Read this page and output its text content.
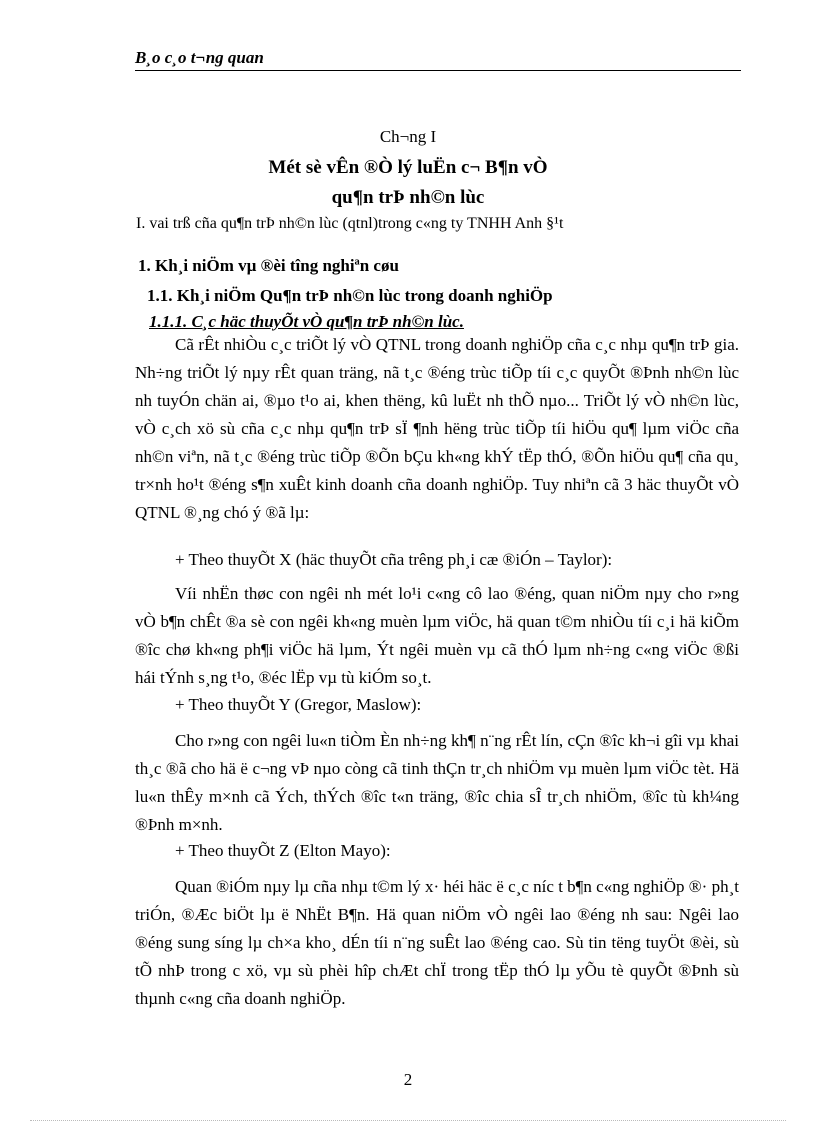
B¸o c¸o t¬ng quan
Ch¬ng I
Mét sè vÊn ®Ò lý luËn c¬ B¶n vÒ
qu¶n trÞ nh©n lùc
I. vai trß cña qu¶n trÞ nh©n lùc (qtnl)trong c«ng ty TNHH Anh §¹t
1. Kh¸i niÖm vµ ®èi tîng nghiªn cøu
1.1. Kh¸i niÖm Qu¶n trÞ nh©n lùc trong doanh nghiÖp
1.1.1. C¸c häc thuyÕt vÒ qu¶n trÞ nh©n lùc.

Cã rÊt nhiÒu c¸c triÕt lý vÒ QTNL trong doanh nghiÖp cña c¸c nhµ qu¶n trÞ gia. Nh÷ng triÕt lý nµy rÊt quan träng, nã t¸c ®éng trùc tiÕp tíi c¸c quyÕt ®Þnh nh©n lùc nh tuyÓn chän ai, ®µo t¹o ai, khen thëng, kû luËt nh thÕ nµo... TriÕt lý vÒ nh©n lùc, vÒ c¸ch xö sù cña c¸c nhµ qu¶n trÞ sÏ ¶nh hëng trùc tiÕp tíi hiÖu qu¶ lµm viÖc cña nh©n viªn, nã t¸c ®éng trùc tiÕp ®Õn bÇu kh«ng khÝ tËp thÓ, ®Õn hiÖu qu¶ cña qu¸ tr×nh ho¹t ®éng s¶n xuÊt kinh doanh cña doanh nghiÖp. Tuy nhiªn cã 3 häc thuyÕt vÒ QTNL ®¸ng chó ý ®ã lµ:

+ Theo thuyÕt X (häc thuyÕt cña trêng ph¸i cæ ®iÓn – Taylor):

Víi nhËn thøc con ngêi nh mét lo¹i c«ng cô lao ®éng, quan niÖm nµy cho r»ng vÒ b¶n chÊt ®a sè con ngêi kh«ng muèn lµm viÖc, hä quan t©m nhiÒu tíi c¸i hä kiÕm ®îc chø kh«ng ph¶i viÖc hä lµm, Ýt ngêi muèn vµ cã thÓ lµm nh÷ng c«ng viÖc ®ßi hái tÝnh s¸ng t¹o, ®éc lËp vµ tù kiÓm so¸t.

+ Theo thuyÕt Y (Gregor, Maslow):

Cho r»ng con ngêi lu«n tiÒm Èn nh÷ng kh¶ n¨ng rÊt lín, cÇn ®îc kh¬i gîi vµ khai th¸c ®ã cho hä ë c¬ng vÞ nµo còng cã tinh thÇn tr¸ch nhiÖm vµ muèn lµm viÖc tèt. Hä lu«n thÊy m×nh cã Ých, thÝch ®îc t«n träng, ®îc chia sÎ tr¸ch nhiÖm, ®îc tù kh¼ng ®Þnh m×nh.

+ Theo thuyÕt Z (Elton Mayo):

Quan ®iÓm nµy lµ cña nhµ t©m lý x· héi häc ë c¸c níc t b¶n c«ng nghiÖp ®· ph¸t triÓn, ®Æc biÖt lµ ë NhËt B¶n. Hä quan niÖm vÒ ngêi lao ®éng nh sau: Ngêi lao ®éng sung síng lµ ch×a kho¸ dÉn tíi n¨ng suÊt lao ®éng cao. Sù tin tëng tuyÖt ®èi, sù tÕ nhÞ trong c xö, vµ sù phèi hîp chÆt chÏ trong tËp thÓ lµ yÕu tè quyÕt ®Þnh sù thµnh c«ng cña doanh nghiÖp.

2
